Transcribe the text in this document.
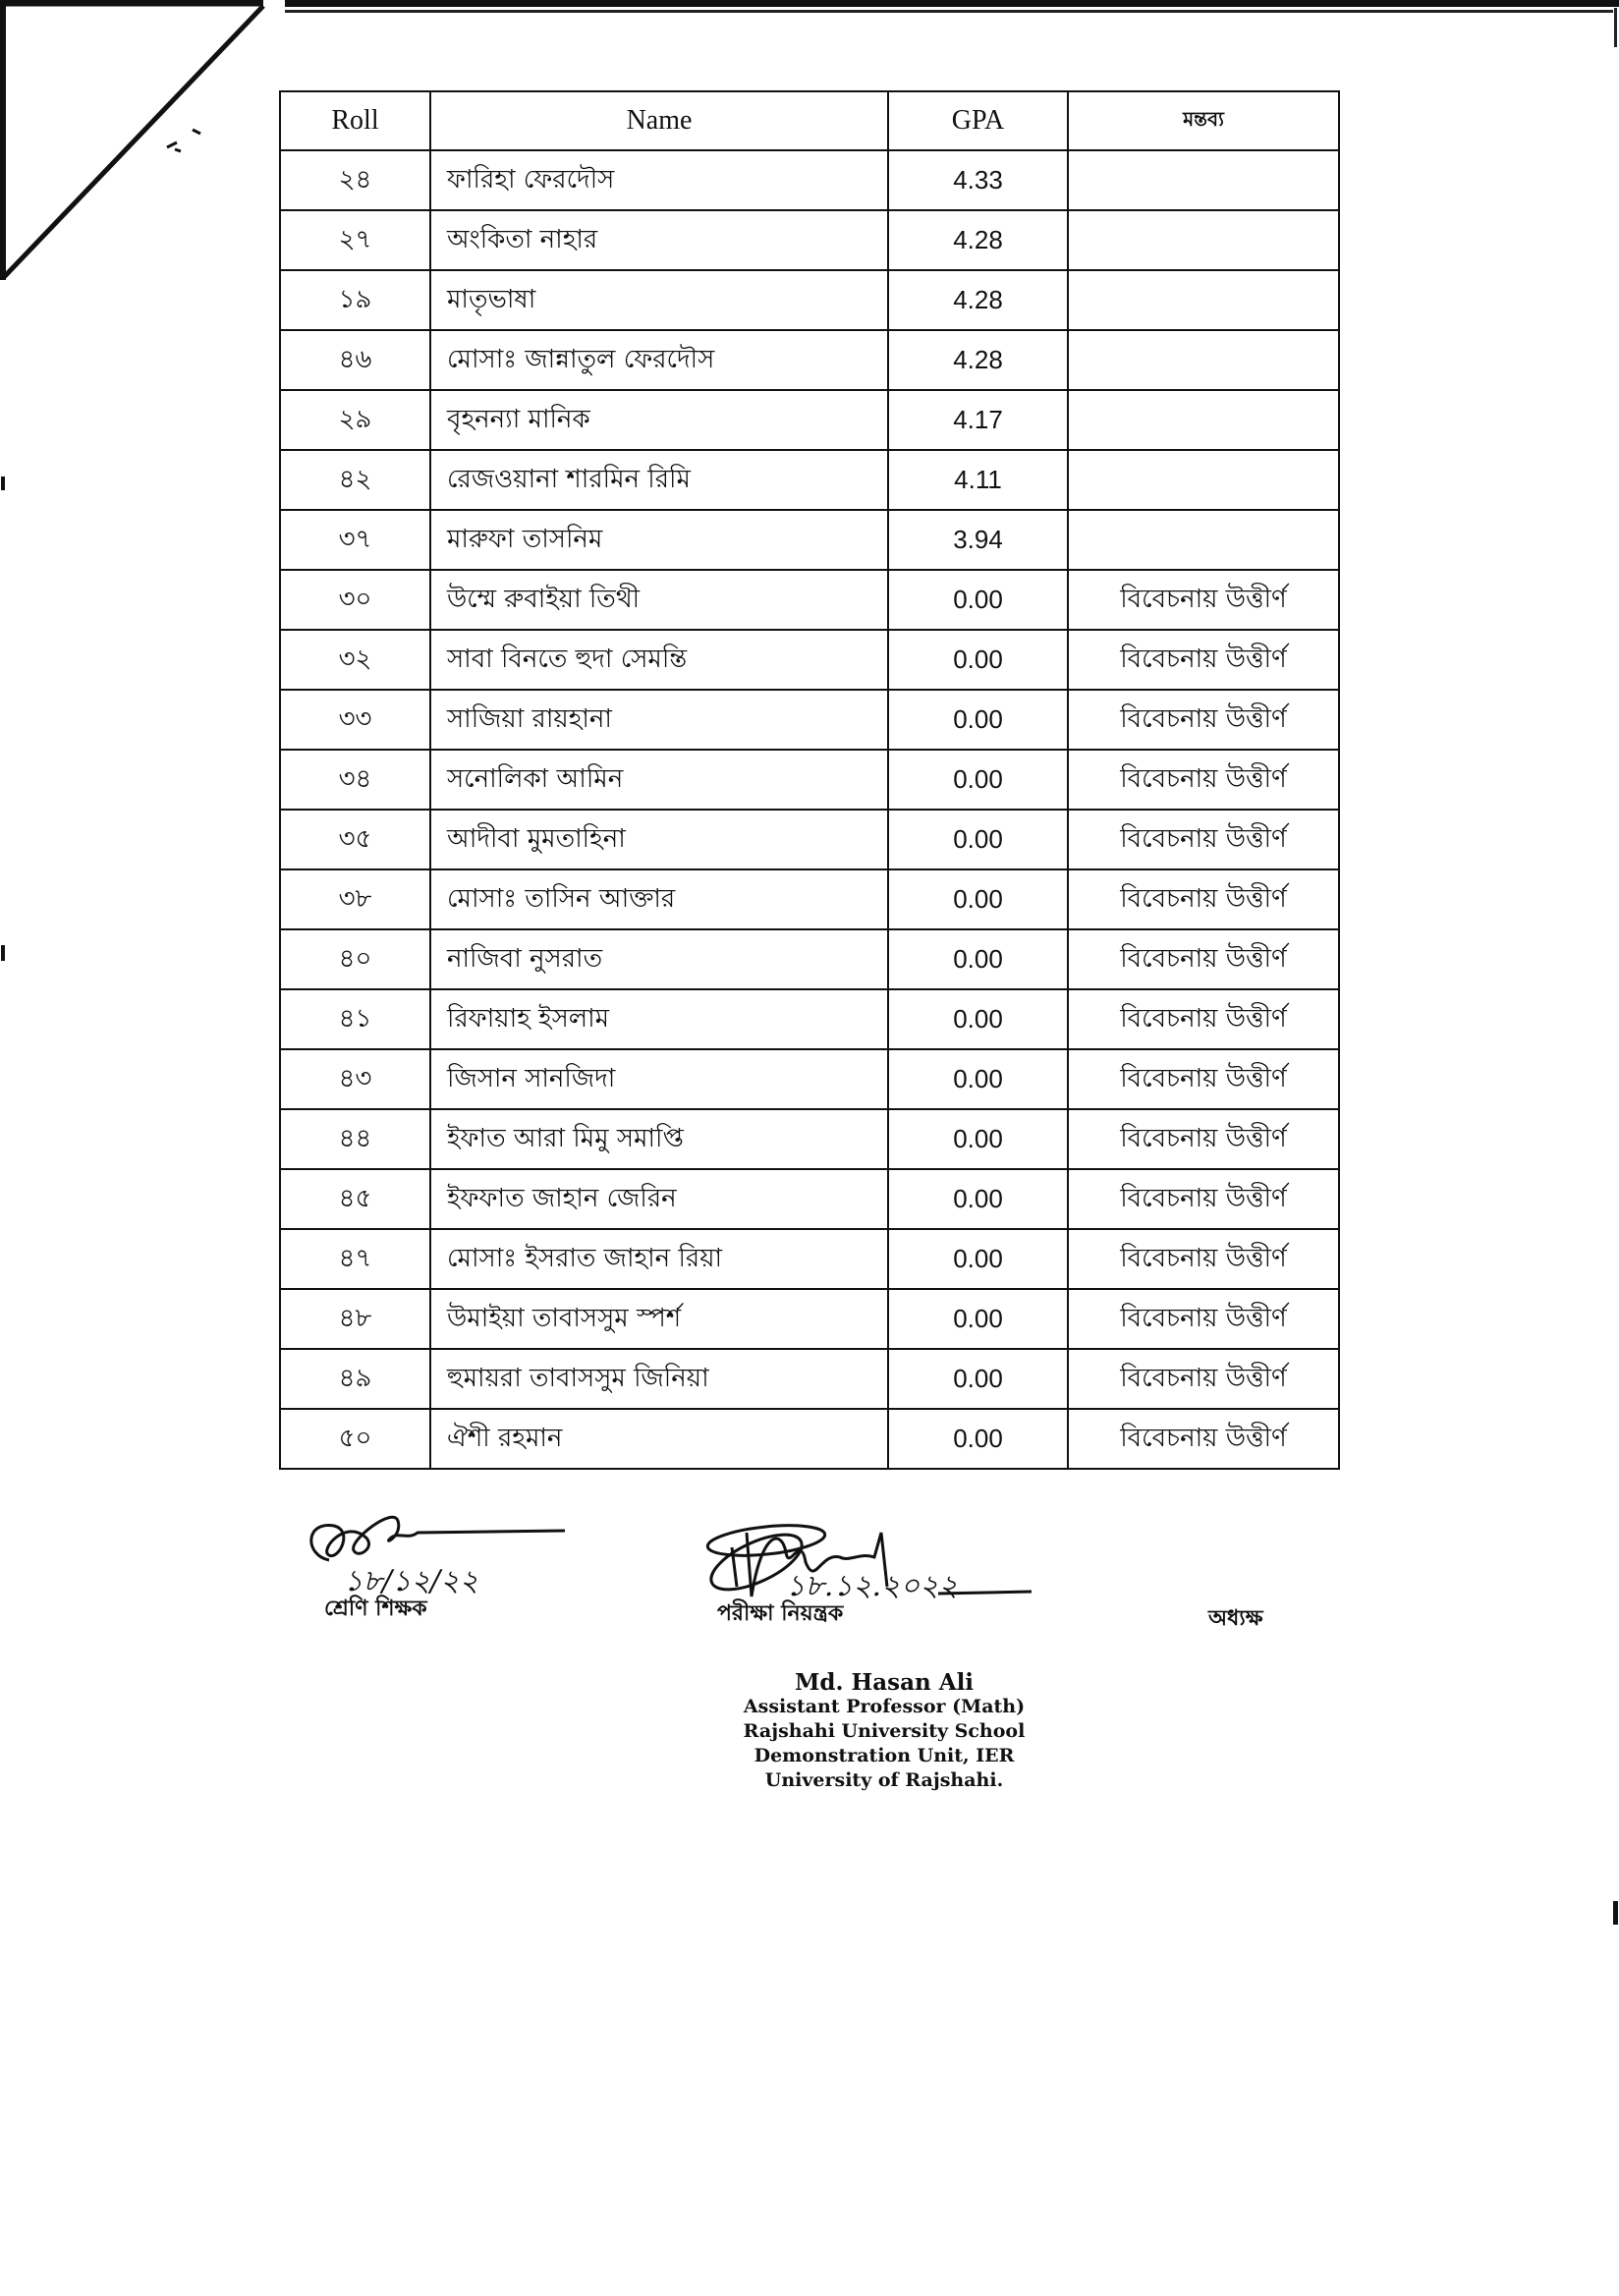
Roll	Name	GPA	মন্তব্য
২৪	ফারিহা ফেরদৌস	4.33	
২৭	অংকিতা নাহার	4.28	
১৯	মাতৃভাষা	4.28	
৪৬	মোসাঃ জান্নাতুল ফেরদৌস	4.28	
২৯	বৃহনন্যা মানিক	4.17	
৪২	রেজওয়ানা শারমিন রিমি	4.11	
৩৭	মারুফা তাসনিম	3.94	
৩০	উম্মে রুবাইয়া তিথী	0.00	বিবেচনায় উত্তীর্ণ
৩২	সাবা বিনতে হুদা সেমন্তি	0.00	বিবেচনায় উত্তীর্ণ
৩৩	সাজিয়া রায়হানা	0.00	বিবেচনায় উত্তীর্ণ
৩৪	সনোলিকা আমিন	0.00	বিবেচনায় উত্তীর্ণ
৩৫	আদীবা মুমতাহিনা	0.00	বিবেচনায় উত্তীর্ণ
৩৮	মোসাঃ তাসিন আক্তার	0.00	বিবেচনায় উত্তীর্ণ
৪০	নাজিবা নুসরাত	0.00	বিবেচনায় উত্তীর্ণ
৪১	রিফায়াহ ইসলাম	0.00	বিবেচনায় উত্তীর্ণ
৪৩	জিসান সানজিদা	0.00	বিবেচনায় উত্তীর্ণ
৪৪	ইফাত আরা মিমু সমাপ্তি	0.00	বিবেচনায় উত্তীর্ণ
৪৫	ইফফাত জাহান জেরিন	0.00	বিবেচনায় উত্তীর্ণ
৪৭	মোসাঃ ইসরাত জাহান রিয়া	0.00	বিবেচনায় উত্তীর্ণ
৪৮	উমাইয়া তাবাসসুম স্পর্শ	0.00	বিবেচনায় উত্তীর্ণ
৪৯	হুমায়রা তাবাসসুম জিনিয়া	0.00	বিবেচনায় উত্তীর্ণ
৫০	ঐশী রহমান	0.00	বিবেচনায় উত্তীর্ণ
১৮/১২/২২
শ্রেণি শিক্ষক
১৮.১২.২০২২
পরীক্ষা নিয়ন্ত্রক	অধ্যক্ষ
Md. Hasan Ali
Assistant Professor (Math)
Rajshahi University School
Demonstration Unit, IER
University of Rajshahi.
